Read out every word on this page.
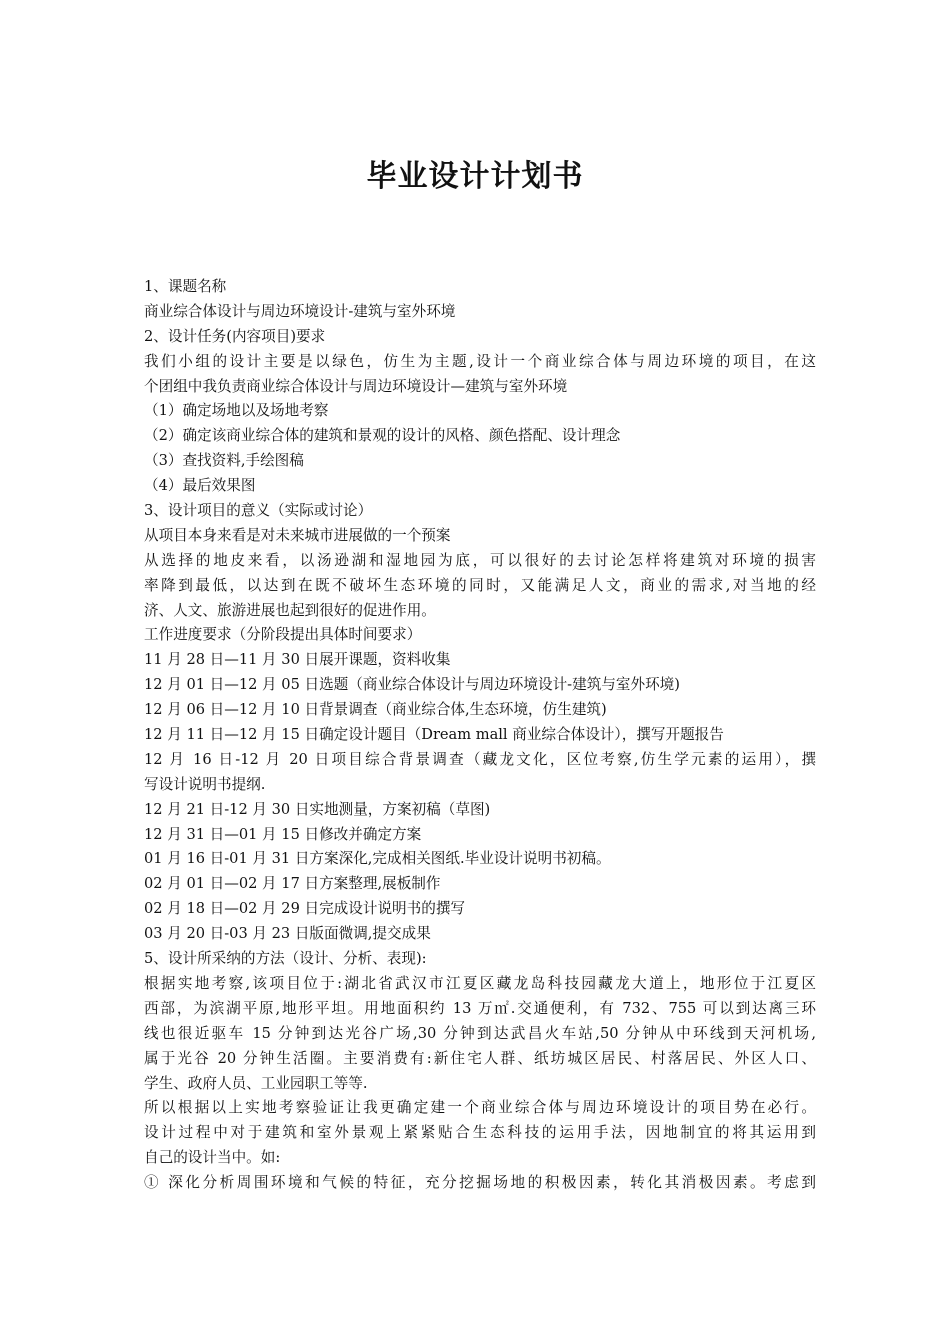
毕业设计计划书
1、课题名称
商业综合体设计与周边环境设计-建筑与室外环境
2、设计任务(内容项目)要求
我们小组的设计主要是以绿色，仿生为主题,设计一个商业综合体与周边环境的项目，在这
个团组中我负责商业综合体设计与周边环境设计—建筑与室外环境
（1）确定场地以及场地考察
（2）确定该商业综合体的建筑和景观的设计的风格、颜色搭配、设计理念
（3）查找资料,手绘图稿
（4）最后效果图
3、设计项目的意义（实际或讨论）
从项目本身来看是对未来城市进展做的一个预案
从选择的地皮来看，以汤逊湖和湿地园为底，可以很好的去讨论怎样将建筑对环境的损害
率降到最低，以达到在既不破坏生态环境的同时，又能满足人文，商业的需求,对当地的经
济、人文、旅游进展也起到很好的促进作用。
工作进度要求（分阶段提出具体时间要求）
11 月 28 日—11 月 30 日展开课题，资料收集
12 月 01 日—12 月 05 日选题（商业综合体设计与周边环境设计-建筑与室外环境)
12 月 06 日—12 月 10 日背景调查（商业综合体,生态环境，仿生建筑)
12 月 11 日—12 月 15 日确定设计题目（Dream mall 商业综合体设计），撰写开题报告
12 月 16 日-12 月 20 日项目综合背景调查（藏龙文化，区位考察,仿生学元素的运用），撰
写设计说明书提纲.
12 月 21 日-12 月 30 日实地测量，方案初稿（草图)
12 月 31 日—01 月 15 日修改并确定方案
01 月 16 日-01 月 31 日方案深化,完成相关图纸.毕业设计说明书初稿。
02 月 01 日—02 月 17 日方案整理,展板制作
02 月 18 日—02 月 29 日完成设计说明书的撰写
03 月 20 日-03 月 23 日版面微调,提交成果
5、设计所采纳的方法（设计、分析、表现):
根据实地考察,该项目位于:湖北省武汉市江夏区藏龙岛科技园藏龙大道上，地形位于江夏区
西部，为滨湖平原,地形平坦。用地面积约 13 万㎡.交通便利，有 732、755 可以到达离三环
线也很近驱车 15 分钟到达光谷广场,30 分钟到达武昌火车站,50 分钟从中环线到天河机场,
属于光谷 20 分钟生活圈。主要消费有:新住宅人群、纸坊城区居民、村落居民、外区人口、
学生、政府人员、工业园职工等等.
所以根据以上实地考察验证让我更确定建一个商业综合体与周边环境设计的项目势在必行。
设计过程中对于建筑和室外景观上紧紧贴合生态科技的运用手法，因地制宜的将其运用到
自己的设计当中。如:
① 深化分析周围环境和气候的特征，充分挖掘场地的积极因素，转化其消极因素。考虑到
